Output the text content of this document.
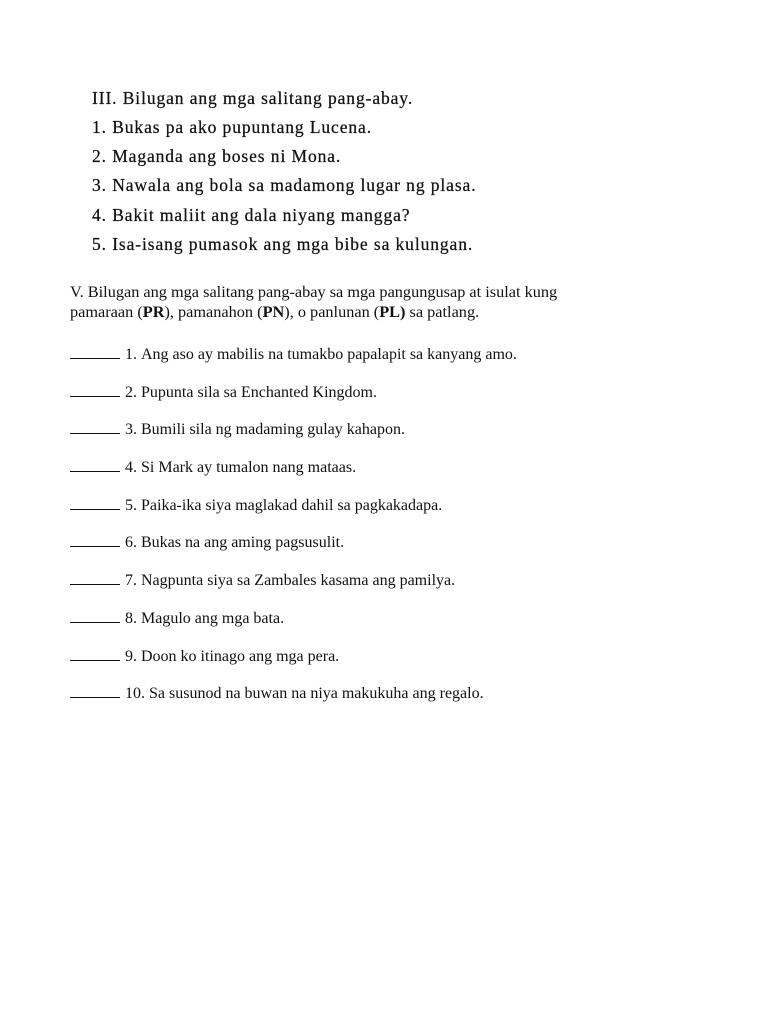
III. Bilugan ang mga salitang pang-abay.

1. Bukas pa ako pupuntang Lucena.
2. Maganda ang boses ni Mona.
3. Nawala ang bola sa madamong lugar ng plasa.
4. Bakit maliit ang dala niyang mangga?
5. Isa-isang pumasok ang mga bibe sa kulungan.

V. Bilugan ang mga salitang pang-abay sa mga pangungusap at isulat kung
pamaraan (PR), pamanahon (PN), o panlunan (PL) sa patlang.

1. Ang aso ay mabilis na tumakbo papalapit sa kanyang amo.
2. Pupunta sila sa Enchanted Kingdom.
3. Bumili sila ng madaming gulay kahapon.
4. Si Mark ay tumalon nang mataas.
5. Paika-ika siya maglakad dahil sa pagkakadapa.
6. Bukas na ang aming pagsusulit.
7. Nagpunta siya sa Zambales kasama ang pamilya.
8. Magulo ang mga bata.
9. Doon ko itinago ang mga pera.
10. Sa susunod na buwan na niya makukuha ang regalo.
